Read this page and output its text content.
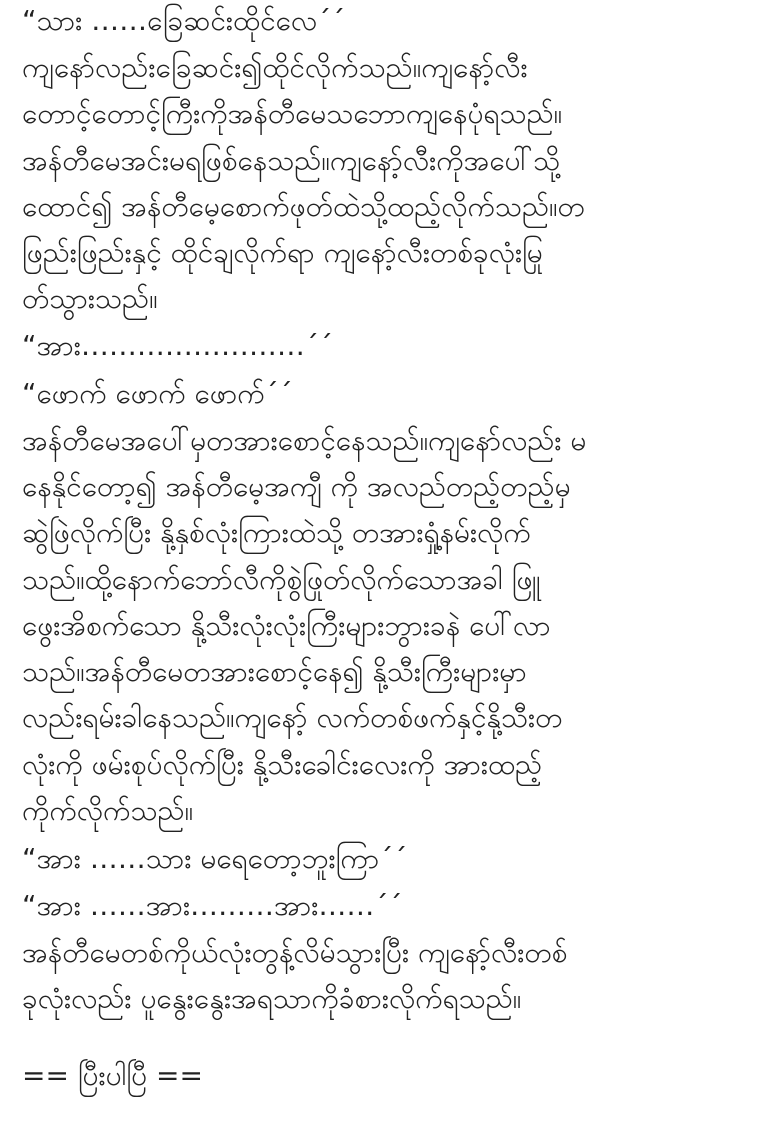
“သား ……ခြေဆင်းထိုင်လေ´´
ကျနော်လည်းခြေဆင်း၍ထိုင်လိုက်သည်။ကျနော့်လီး
တောင့်တောင့်ကြီးကိုအန်တီမေသဘောကျနေပုံရသည်။
အန်တီမေအင်းမရဖြစ်နေသည်။ကျနော့်လီးကိုအပေါ်သို့
ထောင်၍ အန်တီမေ့စောက်ဖုတ်ထဲသို့ထည့်လိုက်သည်။တ
ဖြည်းဖြည်းနှင့် ထိုင်ချလိုက်ရာ ကျနော့်လီးတစ်ခုလုံးမြု
တ်သွားသည်။
“အား……………………´´
“ဖောက် ဖောက် ဖောက်´´
အန်တီမေအပေါ်မှတအားစောင့်နေသည်။ကျနော်လည်း မ
နေနိုင်တော့၍ အန်တီမေ့အကျီ ကို အလည်တည့်တည့်မှ
ဆွဲဖြဲလိုက်ပြီး နို့နှစ်လုံးကြားထဲသို့ တအားရှုံ့နမ်းလိုက်
သည်။ထို့နောက်ဘော်လီကိုစွဲဖြုတ်လိုက်သောအခါ ဖြူ
ဖွေးအိစက်သော နို့သီးလုံးလုံးကြီးများဘွားခနဲ ပေါ်လာ
သည်။အန်တီမေတအားစောင့်နေ၍ နို့သီးကြီးများမှာ
လည်းရမ်းခါနေသည်။ကျနော့် လက်တစ်ဖက်နှင့်နို့သီးတ
လုံးကို ဖမ်းစုပ်လိုက်ပြီး နို့သီးခေါင်းလေးကို အားထည့်
ကိုက်လိုက်သည်။
“အား ……သား မရေတော့ဘူးကြာ´´
“အား ……အား………အား……´´
အန်တီမေတစ်ကိုယ်လုံးတွန့်လိမ်သွားပြီး ကျနော့်လီးတစ်
ခုလုံးလည်း ပူနွေးနွေးအရသာကိုခံစားလိုက်ရသည်။
== ပြီးပါပြီ ==
